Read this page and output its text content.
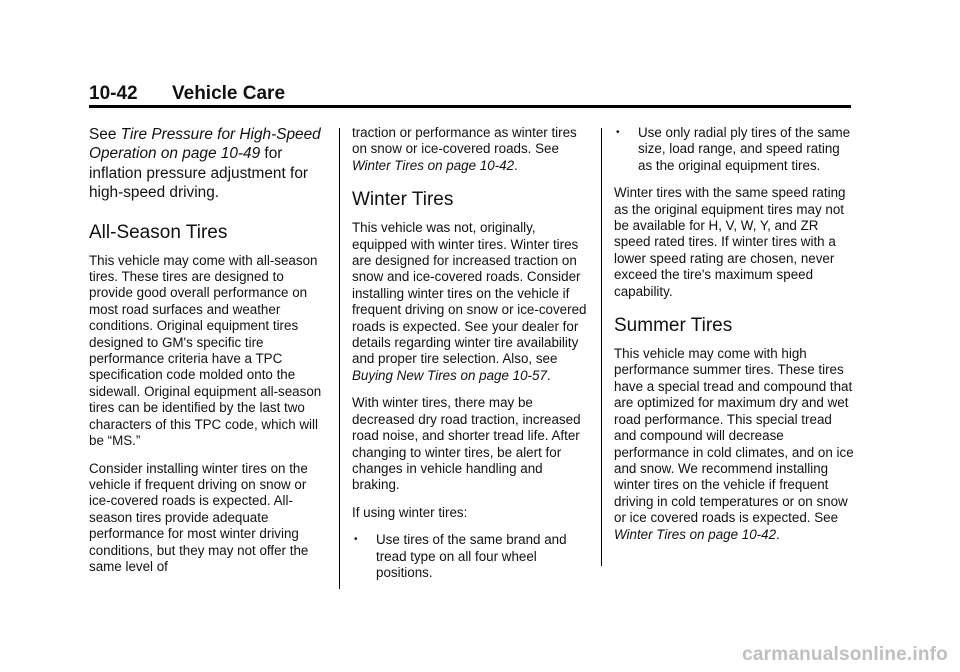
10-42 Vehicle Care

See Tire Pressure for High-Speed Operation on page 10-49 for inflation pressure adjustment for high-speed driving.

All-Season Tires

This vehicle may come with all-season tires. These tires are designed to provide good overall performance on most road surfaces and weather conditions. Original equipment tires designed to GM's specific tire performance criteria have a TPC specification code molded onto the sidewall. Original equipment all-season tires can be identified by the last two characters of this TPC code, which will be “MS.”

Consider installing winter tires on the vehicle if frequent driving on snow or ice-covered roads is expected. All-season tires provide adequate performance for most winter driving conditions, but they may not offer the same level of

traction or performance as winter tires on snow or ice-covered roads. See Winter Tires on page 10-42.

Winter Tires

This vehicle was not, originally, equipped with winter tires. Winter tires are designed for increased traction on snow and ice-covered roads. Consider installing winter tires on the vehicle if frequent driving on snow or ice-covered roads is expected. See your dealer for details regarding winter tire availability and proper tire selection. Also, see Buying New Tires on page 10-57.

With winter tires, there may be decreased dry road traction, increased road noise, and shorter tread life. After changing to winter tires, be alert for changes in vehicle handling and braking.

If using winter tires:

• Use tires of the same brand and tread type on all four wheel positions.
• Use only radial ply tires of the same size, load range, and speed rating as the original equipment tires.

Winter tires with the same speed rating as the original equipment tires may not be available for H, V, W, Y, and ZR speed rated tires. If winter tires with a lower speed rating are chosen, never exceed the tire's maximum speed capability.

Summer Tires

This vehicle may come with high performance summer tires. These tires have a special tread and compound that are optimized for maximum dry and wet road performance. This special tread and compound will decrease performance in cold climates, and on ice and snow. We recommend installing winter tires on the vehicle if frequent driving in cold temperatures or on snow or ice covered roads is expected. See Winter Tires on page 10-42.

carmanualsonline.info
